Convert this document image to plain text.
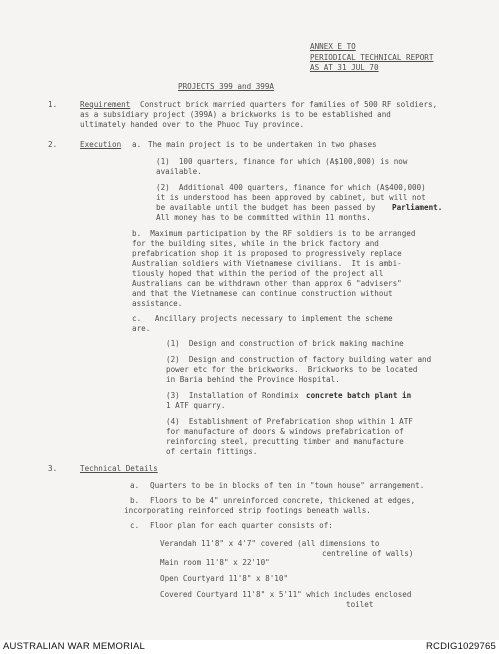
ANNEX E TO

PERIODICAL TECHNICAL REPORT

AS AT 31 JUL 70

PROJECTS 399 and 399A

1.	Requirement Construct brick married quarters for families of 500 RF soldiers,

as a subsidiary project (399A) a brickworks is to be established and

ultimately handed over to the Phuoc Tuy province.

2.	Execution a. The main project is to be undertaken in two phases

(1)  100 quarters, finance for which (A$100,000) is now

available.

(2)  Additional 400 quarters, finance for which (A$400,000)

it is understood has been approved by cabinet, but will not

be available until the budget has been passed by Parliament.

All money has to be committed within 11 months.

b.  Maximum participation by the RF soldiers is to be arranged

for the building sites, while in the brick factory and

prefabrication shop it is proposed to progressively replace

Australian soldiers with Vietnamese civilians.  It is ambi-

tiously hoped that within the period of the project all

Australians can be withdrawn other than approx 6 "advisers"

and that the Vietnamese can continue construction without

assistance.

c.   Ancillary projects necessary to implement the scheme

are.

(1)  Design and construction of brick making machine

(2)  Design and construction of factory building water and

power etc for the brickworks.  Brickworks to be located

in Baria behind the Province Hospital.

(3)  Installation of Rondimix concrete batch plant in

1 ATF quarry.

(4)  Establishment of Prefabrication shop within 1 ATF

for manufacture of doors & windows prefabrication of

reinforcing steel, precutting timber and manufacture

of certain fittings.

3.	Technical Details

a. Quarters to be in blocks of ten in "town house" arrangement.

b. Floors to be 4" unreinforced concrete, thickened at edges,

incorporating reinforced strip footings beneath walls.

c. Floor plan for each quarter consists of:

Verandah 11'8" x 4'7" covered (all dimensions to

centreline of walls)

Main room 11'8" x 22'10"

Open Courtyard 11'8" x 8'10"

Covered Courtyard 11'8" x 5'11" which includes enclosed

toilet

AUSTRALIAN WAR MEMORIAL	RCDIG1029765
